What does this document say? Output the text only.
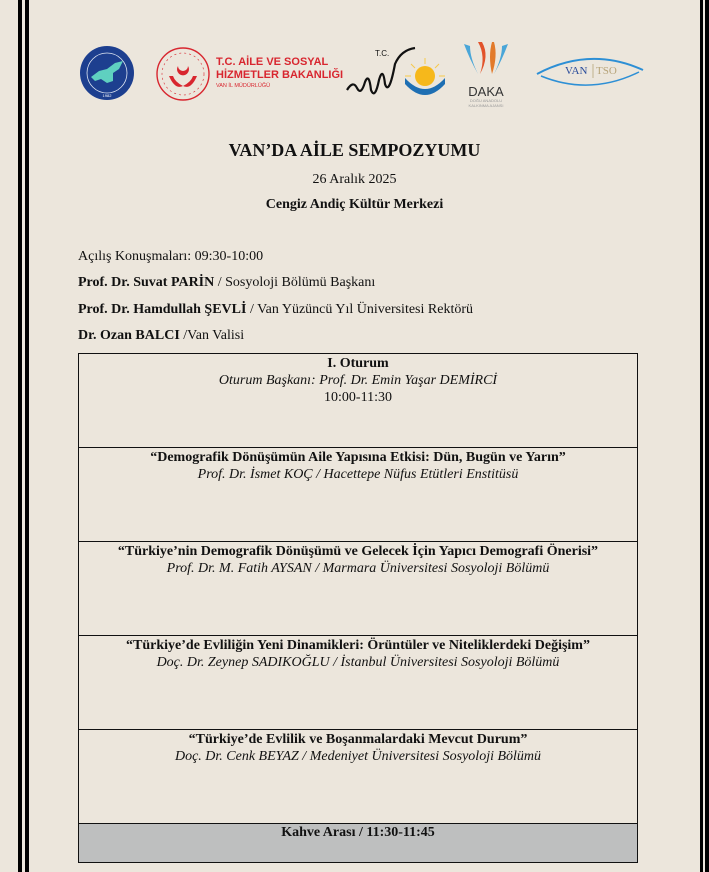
1982
T.C. AİLE VE SOSYAL
HİZMETLER BAKANLIĞI
VAN İL MÜDÜRLÜĞÜ
T.C.
DAKA
DOĞU ANADOLU
KALKINMA AJANSI
VAN TSO
VAN’DA AİLE SEMPOZYUMU
26 Aralık 2025
Cengiz Andiç Kültür Merkezi
Açılış Konuşmaları: 09:30-10:00
Prof. Dr. Suvat PARİN / Sosyoloji Bölümü Başkanı
Prof. Dr. Hamdullah ŞEVLİ / Van Yüzüncü Yıl Üniversitesi Rektörü
Dr. Ozan BALCI /Van Valisi
I. Oturum
Oturum Başkanı: Prof. Dr. Emin Yaşar DEMİRCİ
10:00-11:30

“Demografik Dönüşümün Aile Yapısına Etkisi: Dün, Bugün ve Yarın”
Prof. Dr. İsmet KOÇ / Hacettepe Nüfus Etütleri Enstitüsü

“Türkiye’nin Demografik Dönüşümü ve Gelecek İçin Yapıcı Demografi Önerisi”
Prof. Dr. M. Fatih AYSAN / Marmara Üniversitesi Sosyoloji Bölümü

“Türkiye’de Evliliğin Yeni Dinamikleri: Örüntüler ve Niteliklerdeki Değişim”
Doç. Dr. Zeynep SADIKOĞLU / İstanbul Üniversitesi Sosyoloji Bölümü

“Türkiye’de Evlilik ve Boşanmalardaki Mevcut Durum”
Doç. Dr. Cenk BEYAZ / Medeniyet Üniversitesi Sosyoloji Bölümü

Kahve Arası / 11:30-11:45
